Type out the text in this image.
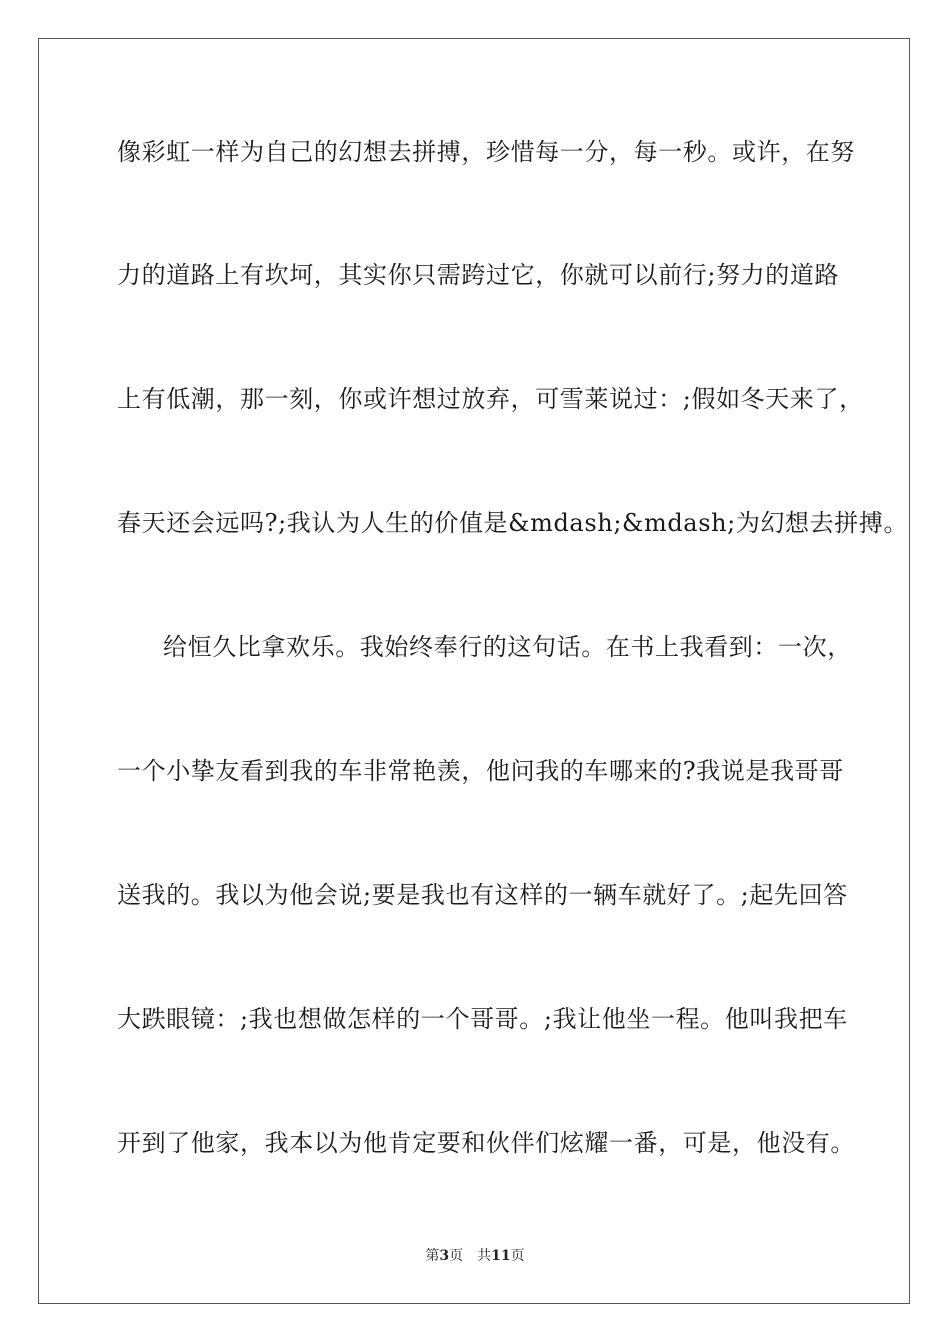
像彩虹一样为自己的幻想去拼搏，珍惜每一分，每一秒。或许，在努
力的道路上有坎坷，其实你只需跨过它，你就可以前行;努力的道路
上有低潮，那一刻，你或许想过放弃，可雪莱说过：;假如冬天来了，
春天还会远吗?;我认为人生的价值是&mdash;&mdash;为幻想去拼搏。
给恒久比拿欢乐。我始终奉行的这句话。在书上我看到：一次，
一个小挚友看到我的车非常艳羡，他问我的车哪来的?我说是我哥哥
送我的。我以为他会说;要是我也有这样的一辆车就好了。;起先回答
大跌眼镜：;我也想做怎样的一个哥哥。;我让他坐一程。他叫我把车
开到了他家，我本以为他肯定要和伙伴们炫耀一番，可是，他没有。
第3页 共11页
